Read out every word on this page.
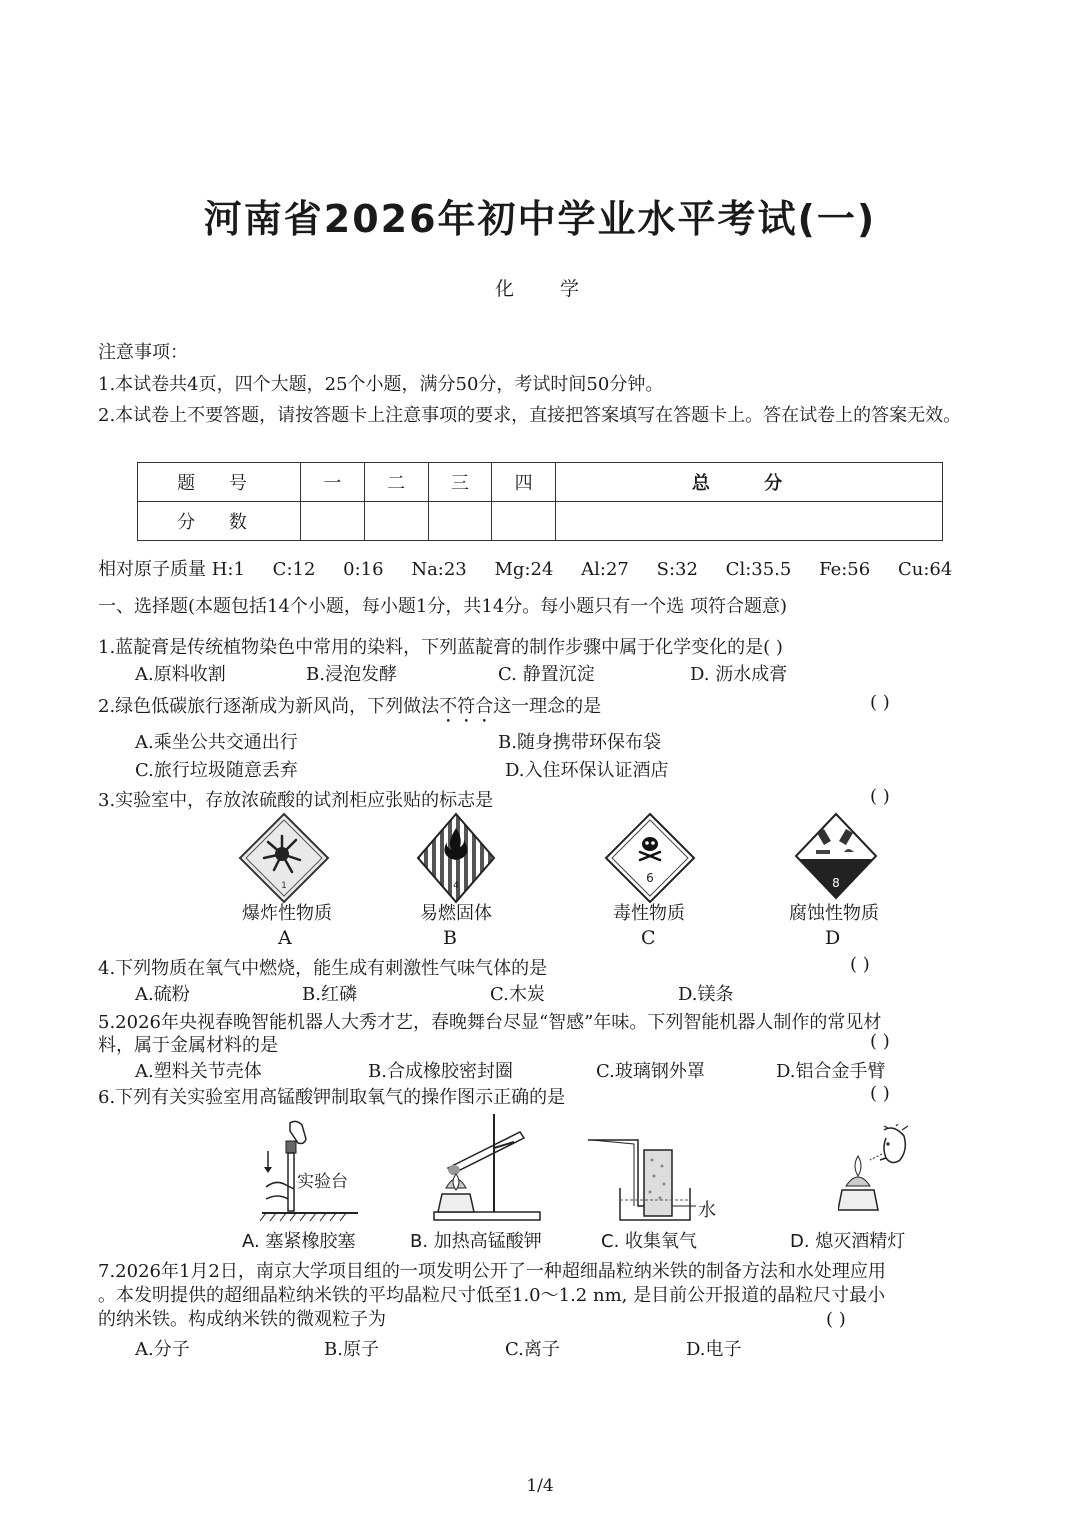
河南省2026年初中学业水平考试(一)
化学
注意事项：
1.本试卷共4页，四个大题，25个小题，满分50分，考试时间50分钟。
2.本试卷上不要答题，请按答题卡上注意事项的要求，直接把答案填写在答题卡上。答在试卷上的答案无效。
题 号	一	二	三	四	总 分
分 数					
相对原子质量 H:1 C:12 0:16 Na:23 Mg:24 Al:27 S:32 Cl:35.5 Fe:56 Cu:64
一、选择题(本题包括14个小题，每小题1分，共14分。每小题只有一个选 项符合题意)
1.蓝靛膏是传统植物染色中常用的染料，下列蓝靛膏的制作步骤中属于化学变化的是( )
A.原料收割	B.浸泡发酵	C. 静置沉淀	D. 沥水成膏
2.绿色低碳旅行逐渐成为新风尚，下列做法不符合这一理念的是	( )
A.乘坐公共交通出行	B.随身携带环保布袋
C.旅行垃圾随意丢弃	D.入住环保认证酒店
3.实验室中，存放浓硫酸的试剂柜应张贴的标志是	( )
1	4
6	8
爆炸性物质	易燃固体	毒性物质	腐蚀性物质
A	B	C	D
4.下列物质在氧气中燃烧，能生成有刺激性气味气体的是	( )
A.硫粉	B.红磷	C.木炭	D.镁条
5.2026年央视春晚智能机器人大秀才艺，春晚舞台尽显“智感”年味。下列智能机器人制作的常见材
料，属于金属材料的是	( )
A.塑料关节壳体	B.合成橡胶密封圈	C.玻璃钢外罩	D.铝合金手臂
6.下列有关实验室用高锰酸钾制取氧气的操作图示正确的是	( )
实验台
水
A. 塞紧橡胶塞	B. 加热高锰酸钾	C. 收集氧气	D. 熄灭酒精灯
7.2026年1月2日，南京大学项目组的一项发明公开了一种超细晶粒纳米铁的制备方法和水处理应用
。本发明提供的超细晶粒纳米铁的平均晶粒尺寸低至1.0～1.2 nm, 是目前公开报道的晶粒尺寸最小
的纳米铁。构成纳米铁的微观粒子为	( )
A.分子	B.原子	C.离子	D.电子
1/4
